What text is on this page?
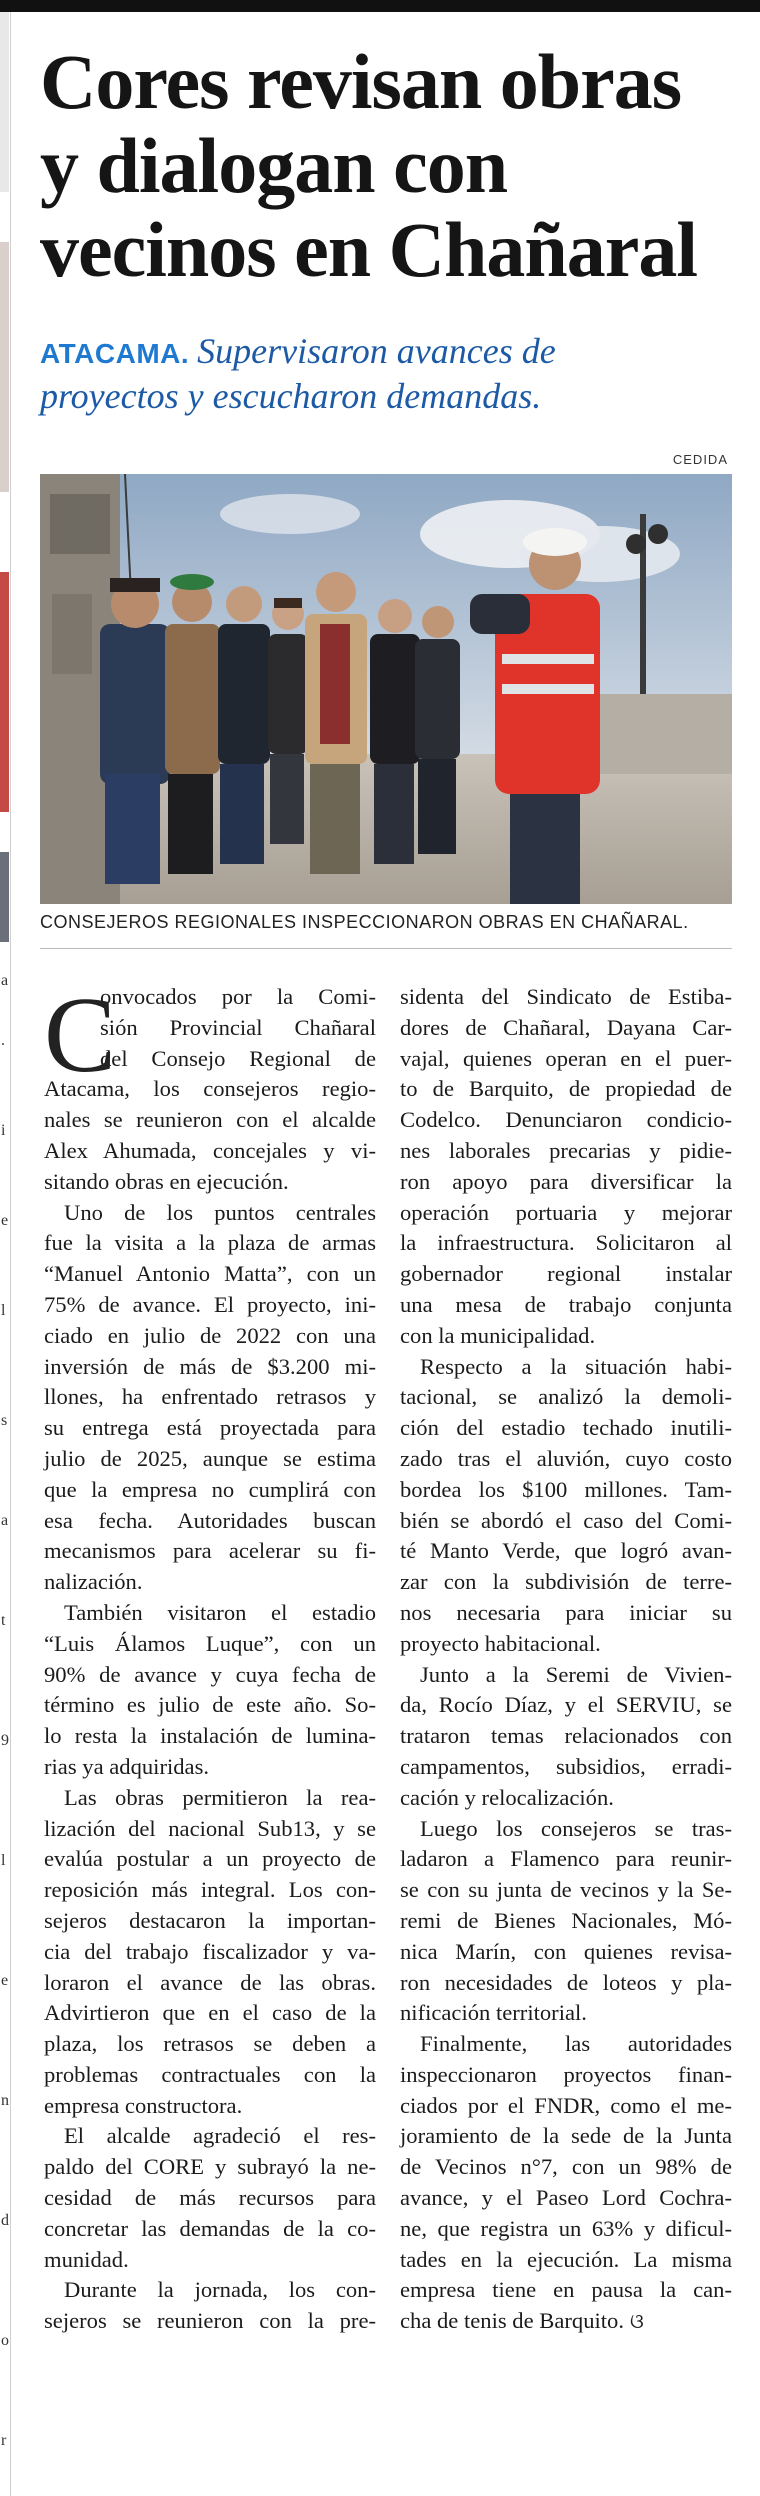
a
.
i
e
l
s
a
t
9
l
e
n
d
o
r
Cores revisan obras
y dialogan con
vecinos en Chañaral
ATACAMA. Supervisaron avances de
proyectos y escucharon demandas.
CEDIDA
CONSEJEROS REGIONALES INSPECCIONARON OBRAS EN CHAÑARAL.
C
onvocados por la Comi-
sión Provincial Chañaral
del Consejo Regional de
Atacama, los consejeros regio-
nales se reunieron con el alcalde
Alex Ahumada, concejales y vi-
sitando obras en ejecución.
Uno de los puntos centrales
fue la visita a la plaza de armas
“Manuel Antonio Matta”, con un
75% de avance. El proyecto, ini-
ciado en julio de 2022 con una
inversión de más de $3.200 mi-
llones, ha enfrentado retrasos y
su entrega está proyectada para
julio de 2025, aunque se estima
que la empresa no cumplirá con
esa fecha. Autoridades buscan
mecanismos para acelerar su fi-
nalización.
También visitaron el estadio
“Luis Álamos Luque”, con un
90% de avance y cuya fecha de
término es julio de este año. So-
lo resta la instalación de lumina-
rias ya adquiridas.
Las obras permitieron la rea-
lización del nacional Sub13, y se
evalúa postular a un proyecto de
reposición más integral. Los con-
sejeros destacaron la importan-
cia del trabajo fiscalizador y va-
loraron el avance de las obras.
Advirtieron que en el caso de la
plaza, los retrasos se deben a
problemas contractuales con la
empresa constructora.
El alcalde agradeció el res-
paldo del CORE y subrayó la ne-
cesidad de más recursos para
concretar las demandas de la co-
munidad.
Durante la jornada, los con-
sejeros se reunieron con la pre-
sidenta del Sindicato de Estiba-
dores de Chañaral, Dayana Car-
vajal, quienes operan en el puer-
to de Barquito, de propiedad de
Codelco. Denunciaron condicio-
nes laborales precarias y pidie-
ron apoyo para diversificar la
operación portuaria y mejorar
la infraestructura. Solicitaron al
gobernador regional instalar
una mesa de trabajo conjunta
con la municipalidad.
Respecto a la situación habi-
tacional, se analizó la demoli-
ción del estadio techado inutili-
zado tras el aluvión, cuyo costo
bordea los $100 millones. Tam-
bién se abordó el caso del Comi-
té Manto Verde, que logró avan-
zar con la subdivisión de terre-
nos necesaria para iniciar su
proyecto habitacional.
Junto a la Seremi de Vivien-
da, Rocío Díaz, y el SERVIU, se
trataron temas relacionados con
campamentos, subsidios, erradi-
cación y relocalización.
Luego los consejeros se tras-
ladaron a Flamenco para reunir-
se con su junta de vecinos y la Se-
remi de Bienes Nacionales, Mó-
nica Marín, con quienes revisa-
ron necesidades de loteos y pla-
nificación territorial.
Finalmente, las autoridades
inspeccionaron proyectos finan-
ciados por el FNDR, como el me-
joramiento de la sede de la Junta
de Vecinos n°7, con un 98% de
avance, y el Paseo Lord Cochra-
ne, que registra un 63% y dificul-
tades en la ejecución. La misma
empresa tiene en pausa la can-
cha de tenis de Barquito. ଓ
